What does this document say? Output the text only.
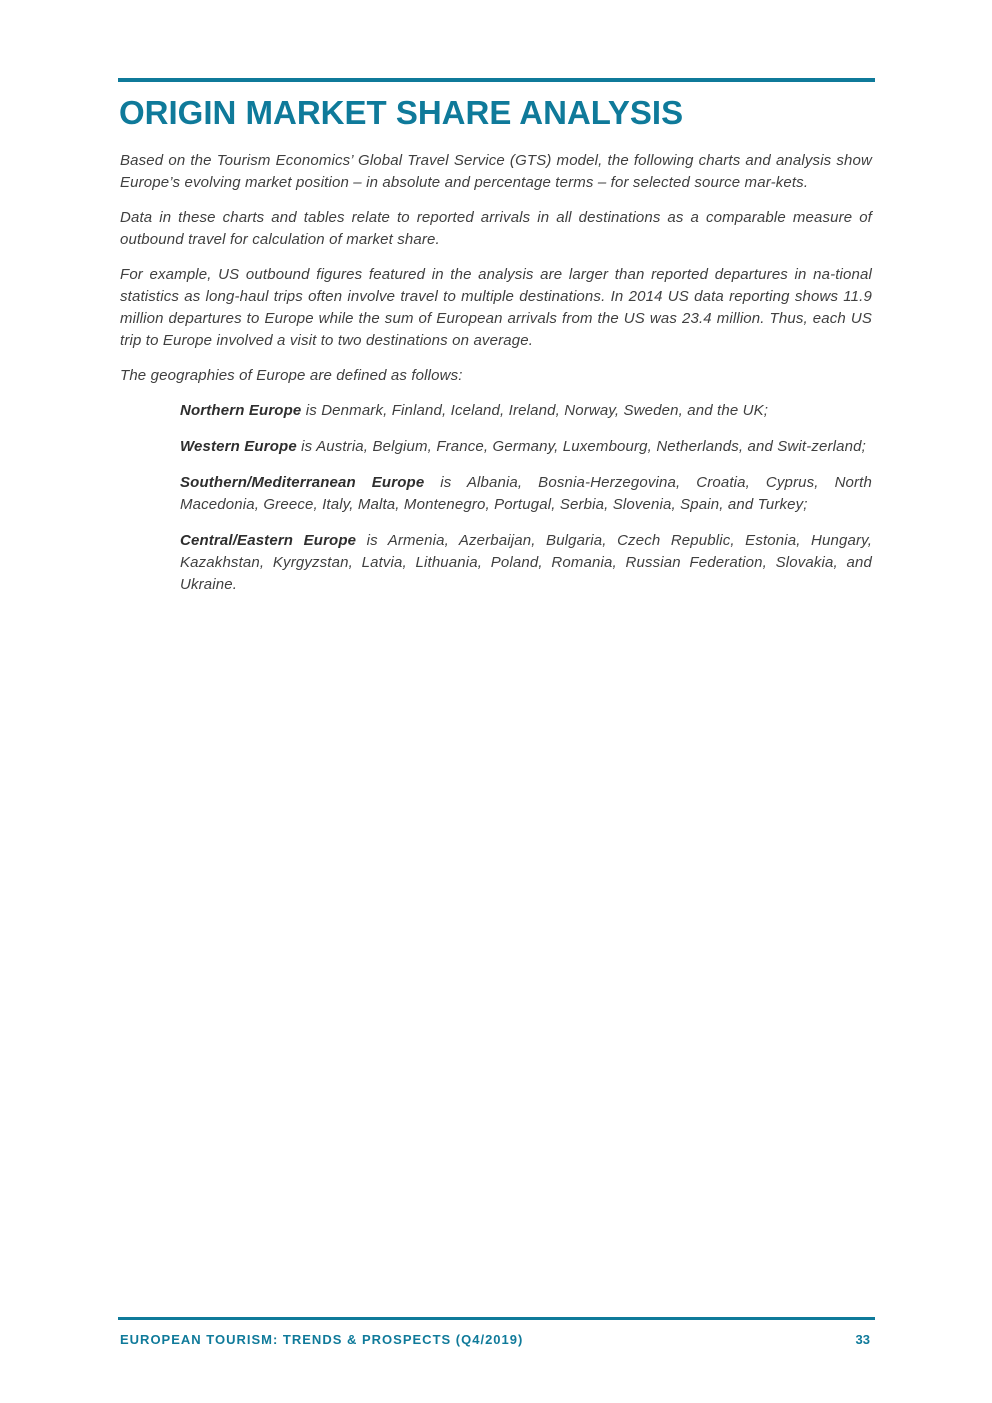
ORIGIN MARKET SHARE ANALYSIS

Based on the Tourism Economics’ Global Travel Service (GTS) model, the following charts and analysis show Europe’s evolving market position – in absolute and percentage terms – for selected source mar-kets.

Data in these charts and tables relate to reported arrivals in all destinations as a comparable measure of outbound travel for calculation of market share.

For example, US outbound figures featured in the analysis are larger than reported departures in na-tional statistics as long-haul trips often involve travel to multiple destinations. In 2014 US data reporting shows 11.9 million departures to Europe while the sum of European arrivals from the US was 23.4 million. Thus, each US trip to Europe involved a visit to two destinations on average.

The geographies of Europe are defined as follows:

Northern Europe is Denmark, Finland, Iceland, Ireland, Norway, Sweden, and the UK;
Western Europe is Austria, Belgium, France, Germany, Luxembourg, Netherlands, and Swit-zerland;
Southern/Mediterranean Europe is Albania, Bosnia-Herzegovina, Croatia, Cyprus, North Macedonia, Greece, Italy, Malta, Montenegro, Portugal, Serbia, Slovenia, Spain, and Turkey;
Central/Eastern Europe is Armenia, Azerbaijan, Bulgaria, Czech Republic, Estonia, Hungary, Kazakhstan, Kyrgyzstan, Latvia, Lithuania, Poland, Romania, Russian Federation, Slovakia, and Ukraine.
EUROPEAN TOURISM: TRENDS & PROSPECTS (Q4/2019)	33
